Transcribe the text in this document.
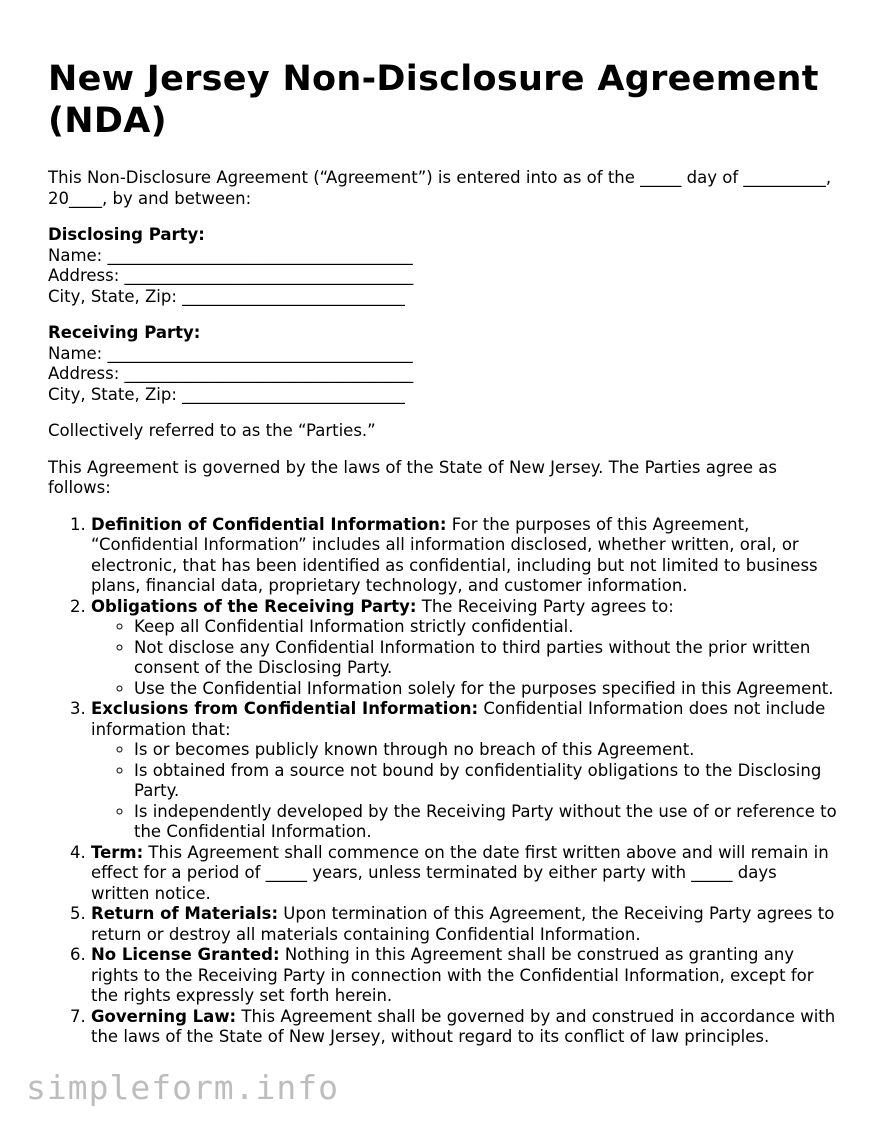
New Jersey Non-Disclosure Agreement (NDA)

This Non-Disclosure Agreement (“Agreement”) is entered into as of the _____ day of __________, 20____, by and between:

Disclosing Party:
Name: _____________________________________
Address: ___________________________________
City, State, Zip: ___________________________
Receiving Party:
Name: _____________________________________
Address: ___________________________________
City, State, Zip: ___________________________

Collectively referred to as the “Parties.”

This Agreement is governed by the laws of the State of New Jersey. The Parties agree as follows:

1. Definition of Confidential Information: For the purposes of this Agreement, “Confidential Information” includes all information disclosed, whether written, oral, or electronic, that has been identified as confidential, including but not limited to business plans, financial data, proprietary technology, and customer information.
2. Obligations of the Receiving Party: The Receiving Party agrees to:
◦ Keep all Confidential Information strictly confidential.
◦ Not disclose any Confidential Information to third parties without the prior written consent of the Disclosing Party.
◦ Use the Confidential Information solely for the purposes specified in this Agreement.
3. Exclusions from Confidential Information: Confidential Information does not include information that:
◦ Is or becomes publicly known through no breach of this Agreement.
◦ Is obtained from a source not bound by confidentiality obligations to the Disclosing Party.
◦ Is independently developed by the Receiving Party without the use of or reference to the Confidential Information.
4. Term: This Agreement shall commence on the date first written above and will remain in effect for a period of _____ years, unless terminated by either party with _____ days written notice.
5. Return of Materials: Upon termination of this Agreement, the Receiving Party agrees to return or destroy all materials containing Confidential Information.
6. No License Granted: Nothing in this Agreement shall be construed as granting any rights to the Receiving Party in connection with the Confidential Information, except for the rights expressly set forth herein.
7. Governing Law: This Agreement shall be governed by and construed in accordance with the laws of the State of New Jersey, without regard to its conflict of law principles.
simpleform.info
